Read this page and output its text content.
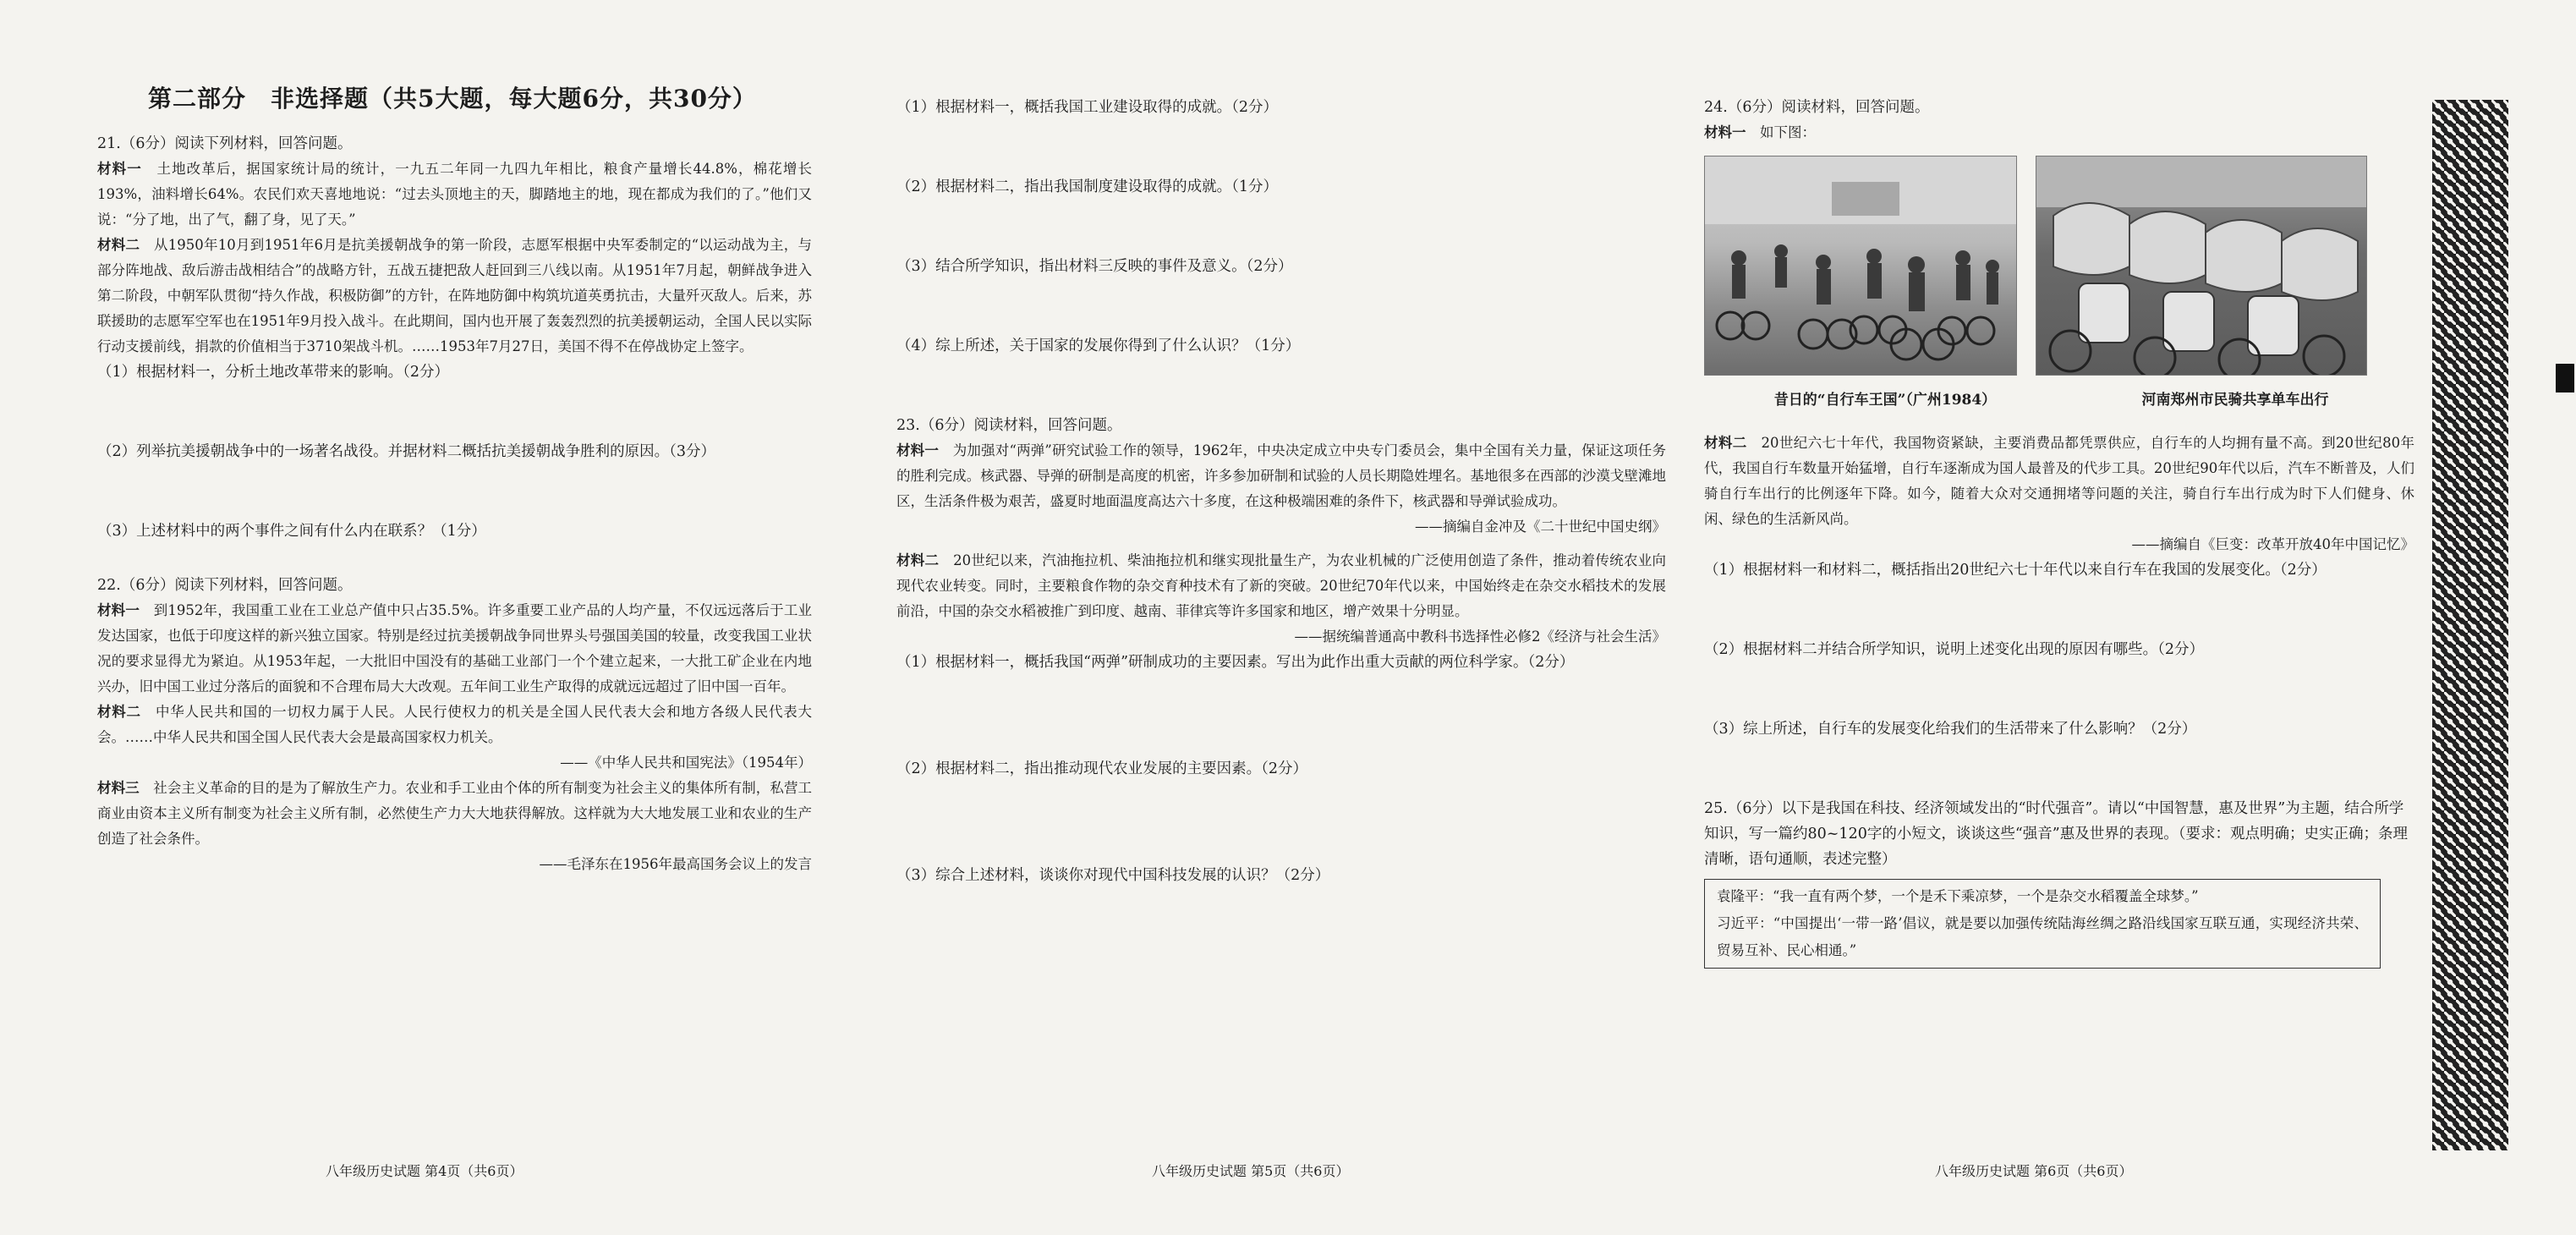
第二部分　非选择题（共5大题，每大题6分，共30分）

21.（6分）阅读下列材料，回答问题。

材料一　土地改革后，据国家统计局的统计，一九五二年同一九四九年相比，粮食产量增长44.8%，棉花增长193%，油料增长64%。农民们欢天喜地地说：“过去头顶地主的天，脚踏地主的地，现在都成为我们的了。”他们又说：“分了地，出了气，翻了身，见了天。”

材料二　从1950年10月到1951年6月是抗美援朝战争的第一阶段，志愿军根据中央军委制定的“以运动战为主，与部分阵地战、敌后游击战相结合”的战略方针，五战五捷把敌人赶回到三八线以南。从1951年7月起，朝鲜战争进入第二阶段，中朝军队贯彻“持久作战，积极防御”的方针，在阵地防御中构筑坑道英勇抗击，大量歼灭敌人。后来，苏联援助的志愿军空军也在1951年9月投入战斗。在此期间，国内也开展了轰轰烈烈的抗美援朝运动，全国人民以实际行动支援前线，捐款的价值相当于3710架战斗机。……1953年7月27日，美国不得不在停战协定上签字。

（1）根据材料一，分析土地改革带来的影响。（2分）

（2）列举抗美援朝战争中的一场著名战役。并据材料二概括抗美援朝战争胜利的原因。（3分）

（3）上述材料中的两个事件之间有什么内在联系？（1分）

22.（6分）阅读下列材料，回答问题。

材料一　到1952年，我国重工业在工业总产值中只占35.5%。许多重要工业产品的人均产量，不仅远远落后于工业发达国家，也低于印度这样的新兴独立国家。特别是经过抗美援朝战争同世界头号强国美国的较量，改变我国工业状况的要求显得尤为紧迫。从1953年起，一大批旧中国没有的基础工业部门一个个建立起来，一大批工矿企业在内地兴办，旧中国工业过分落后的面貌和不合理布局大大改观。五年间工业生产取得的成就远远超过了旧中国一百年。

材料二　中华人民共和国的一切权力属于人民。人民行使权力的机关是全国人民代表大会和地方各级人民代表大会。……中华人民共和国全国人民代表大会是最高国家权力机关。

——《中华人民共和国宪法》（1954年）

材料三　社会主义革命的目的是为了解放生产力。农业和手工业由个体的所有制变为社会主义的集体所有制，私营工商业由资本主义所有制变为社会主义所有制，必然使生产力大大地获得解放。这样就为大大地发展工业和农业的生产创造了社会条件。

——毛泽东在1956年最高国务会议上的发言

八年级历史试题 第4页（共6页）

（1）根据材料一，概括我国工业建设取得的成就。（2分）

（2）根据材料二，指出我国制度建设取得的成就。（1分）

（3）结合所学知识，指出材料三反映的事件及意义。（2分）

（4）综上所述，关于国家的发展你得到了什么认识？（1分）

23.（6分）阅读材料，回答问题。

材料一　为加强对“两弹”研究试验工作的领导，1962年，中央决定成立中央专门委员会，集中全国有关力量，保证这项任务的胜利完成。核武器、导弹的研制是高度的机密，许多参加研制和试验的人员长期隐姓埋名。基地很多在西部的沙漠戈壁滩地区，生活条件极为艰苦，盛夏时地面温度高达六十多度，在这种极端困难的条件下，核武器和导弹试验成功。

——摘编自金冲及《二十世纪中国史纲》

材料二　20世纪以来，汽油拖拉机、柴油拖拉机和继实现批量生产，为农业机械的广泛使用创造了条件，推动着传统农业向现代农业转变。同时，主要粮食作物的杂交育种技术有了新的突破。20世纪70年代以来，中国始终走在杂交水稻技术的发展前沿，中国的杂交水稻被推广到印度、越南、菲律宾等许多国家和地区，增产效果十分明显。

——据统编普通高中教科书选择性必修2《经济与社会生活》

（1）根据材料一，概括我国“两弹”研制成功的主要因素。写出为此作出重大贡献的两位科学家。（2分）

（2）根据材料二，指出推动现代农业发展的主要因素。（2分）

（3）综合上述材料，谈谈你对现代中国科技发展的认识？（2分）

八年级历史试题 第5页（共6页）

24.（6分）阅读材料，回答问题。

材料一　如下图：

昔日的“自行车王国”（广州1984）	河南郑州市民骑共享单车出行

材料二　20世纪六七十年代，我国物资紧缺，主要消费品都凭票供应，自行车的人均拥有量不高。到20世纪80年代，我国自行车数量开始猛增，自行车逐渐成为国人最普及的代步工具。20世纪90年代以后，汽车不断普及，人们骑自行车出行的比例逐年下降。如今，随着大众对交通拥堵等问题的关注，骑自行车出行成为时下人们健身、休闲、绿色的生活新风尚。

——摘编自《巨变：改革开放40年中国记忆》

（1）根据材料一和材料二，概括指出20世纪六七十年代以来自行车在我国的发展变化。（2分）

（2）根据材料二并结合所学知识，说明上述变化出现的原因有哪些。（2分）

（3）综上所述，自行车的发展变化给我们的生活带来了什么影响？（2分）

25.（6分）以下是我国在科技、经济领域发出的“时代强音”。请以“中国智慧，惠及世界”为主题，结合所学知识，写一篇约80~120字的小短文，谈谈这些“强音”惠及世界的表现。（要求：观点明确；史实正确；条理清晰，语句通顺，表述完整）

袁隆平：“我一直有两个梦，一个是禾下乘凉梦，一个是杂交水稻覆盖全球梦。”

习近平：“中国提出‘一带一路’倡议，就是要以加强传统陆海丝绸之路沿线国家互联互通，实现经济共荣、贸易互补、民心相通。”

八年级历史试题 第6页（共6页）
